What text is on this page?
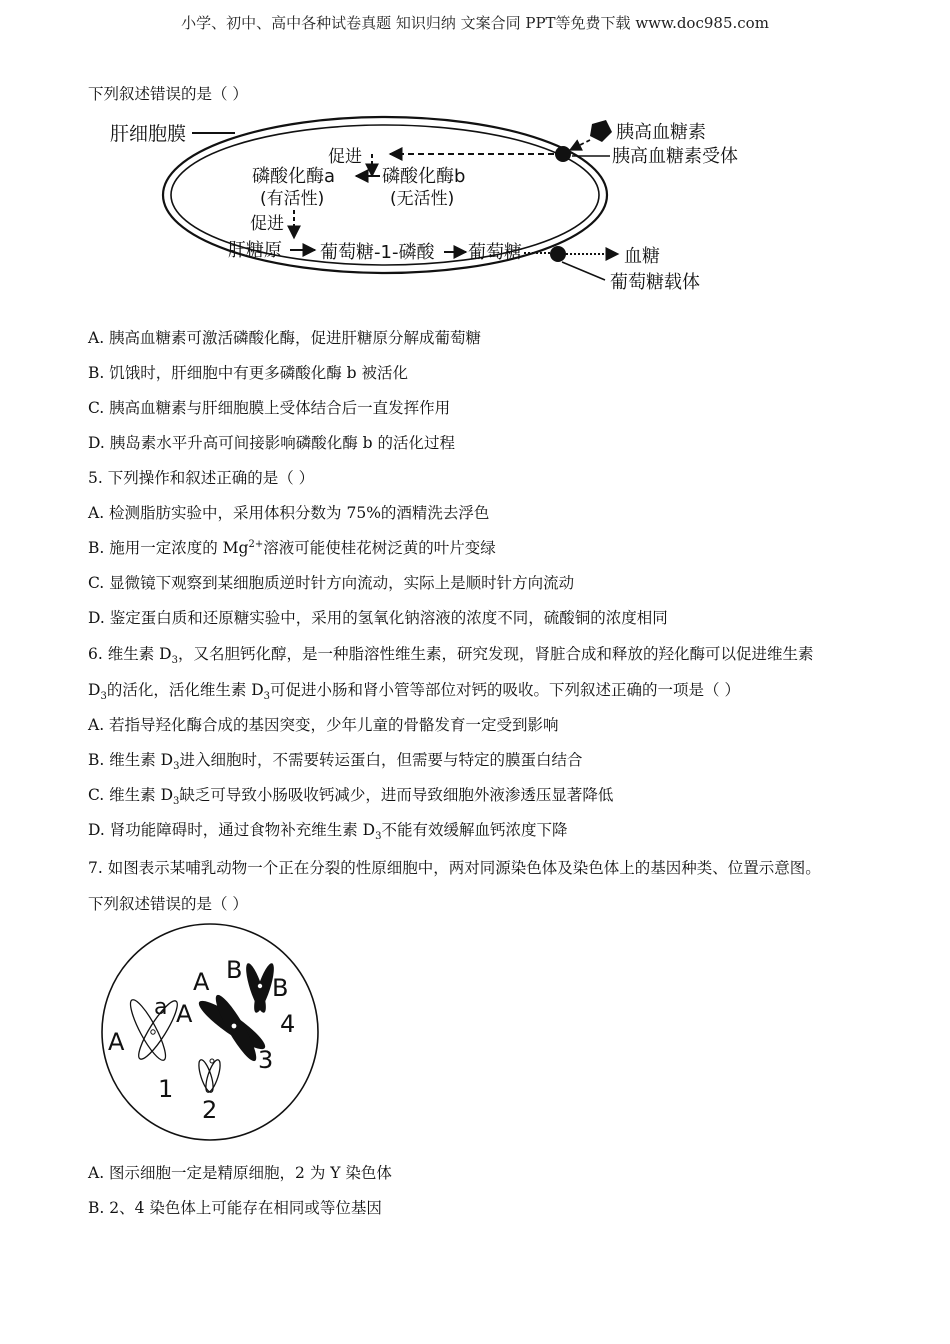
小学、初中、高中各种试卷真题 知识归纳 文案合同 PPT等免费下载 www.doc985.com
下列叙述错误的是（ ）
肝细胞膜	胰高血糖素
胰高血糖素受体
促进
磷酸化酶b
(无活性)
磷酸化酶a
(有活性)
促进
肝糖原 葡萄糖-1-磷酸 葡萄糖	血糖
葡萄糖载体
A. 胰高血糖素可激活磷酸化酶，促进肝糖原分解成葡萄糖
B. 饥饿时，肝细胞中有更多磷酸化酶 b 被活化
C. 胰高血糖素与肝细胞膜上受体结合后一直发挥作用
D. 胰岛素水平升高可间接影响磷酸化酶 b 的活化过程
5. 下列操作和叙述正确的是（ ）
A. 检测脂肪实验中，采用体积分数为 75%的酒精洗去浮色
B. 施用一定浓度的 $Mg^{2+}$溶液可能使桂花树泛黄的叶片变绿
C. 显微镜下观察到某细胞质逆时针方向流动，实际上是顺时针方向流动
D. 鉴定蛋白质和还原糖实验中，采用的氢氧化钠溶液的浓度不同，硫酸铜的浓度相同
6. 维生素 $D_3$，又名胆钙化醇，是一种脂溶性维生素，研究发现，肾脏合成和释放的羟化酶可以促进维生素
$D_3$的活化，活化维生素 $D_3$可促进小肠和肾小管等部位对钙的吸收。下列叙述正确的一项是（ ）
A. 若指导羟化酶合成的基因突变，少年儿童的骨骼发育一定受到影响
B. 维生素 $D_3$进入细胞时，不需要转运蛋白，但需要与特定的膜蛋白结合
C. 维生素 $D_3$缺乏可导致小肠吸收钙减少，进而导致细胞外液渗透压显著降低
D. 肾功能障碍时，通过食物补充维生素 $D_3$不能有效缓解血钙浓度下降
7. 如图表示某哺乳动物一个正在分裂的性原细胞中，两对同源染色体及染色体上的基因种类、位置示意图。
下列叙述错误的是（ ）
A
a
1
2
A
A
3
B
B
4
A. 图示细胞一定是精原细胞，2 为 Y 染色体
B. 2、4 染色体上可能存在相同或等位基因
